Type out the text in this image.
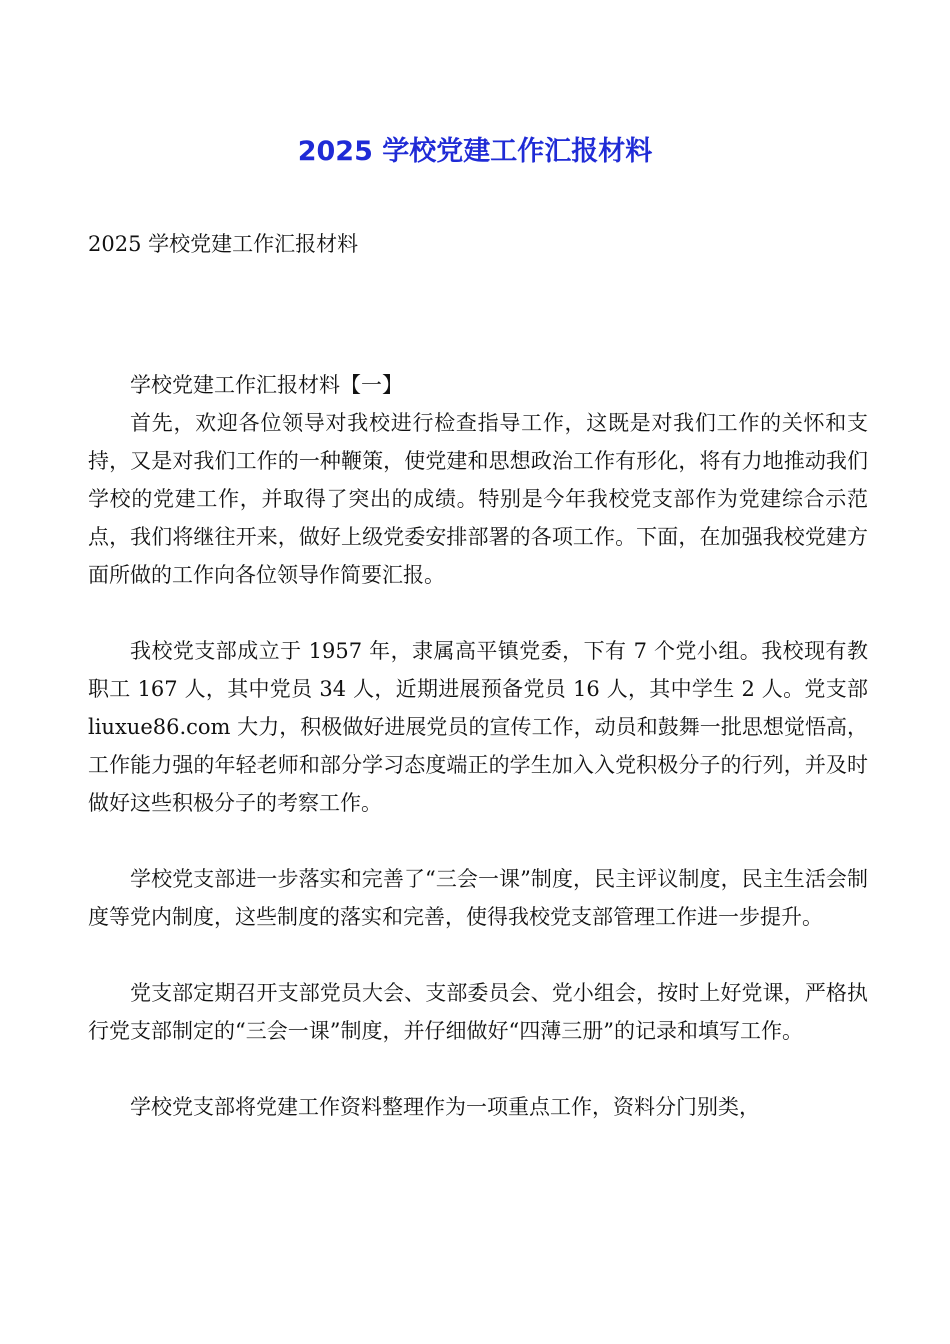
2025 学校党建工作汇报材料

2025 学校党建工作汇报材料

学校党建工作汇报材料【一】

首先，欢迎各位领导对我校进行检查指导工作，这既是对我们工作的关怀和支持，又是对我们工作的一种鞭策，使党建和思想政治工作有形化，将有力地推动我们学校的党建工作，并取得了突出的成绩。特别是今年我校党支部作为党建综合示范点，我们将继往开来，做好上级党委安排部署的各项工作。下面，在加强我校党建方面所做的工作向各位领导作简要汇报。

我校党支部成立于 1957 年，隶属高平镇党委，下有 7 个党小组。我校现有教职工 167 人，其中党员 34 人，近期进展预备党员 16 人，其中学生 2 人。党支部 liuxue86.com 大力，积极做好进展党员的宣传工作，动员和鼓舞一批思想觉悟高，工作能力强的年轻老师和部分学习态度端正的学生加入入党积极分子的行列，并及时做好这些积极分子的考察工作。

学校党支部进一步落实和完善了“三会一课”制度，民主评议制度，民主生活会制度等党内制度，这些制度的落实和完善，使得我校党支部管理工作进一步提升。

党支部定期召开支部党员大会、支部委员会、党小组会，按时上好党课，严格执行党支部制定的“三会一课”制度，并仔细做好“四薄三册”的记录和填写工作。

学校党支部将党建工作资料整理作为一项重点工作，资料分门别类，
